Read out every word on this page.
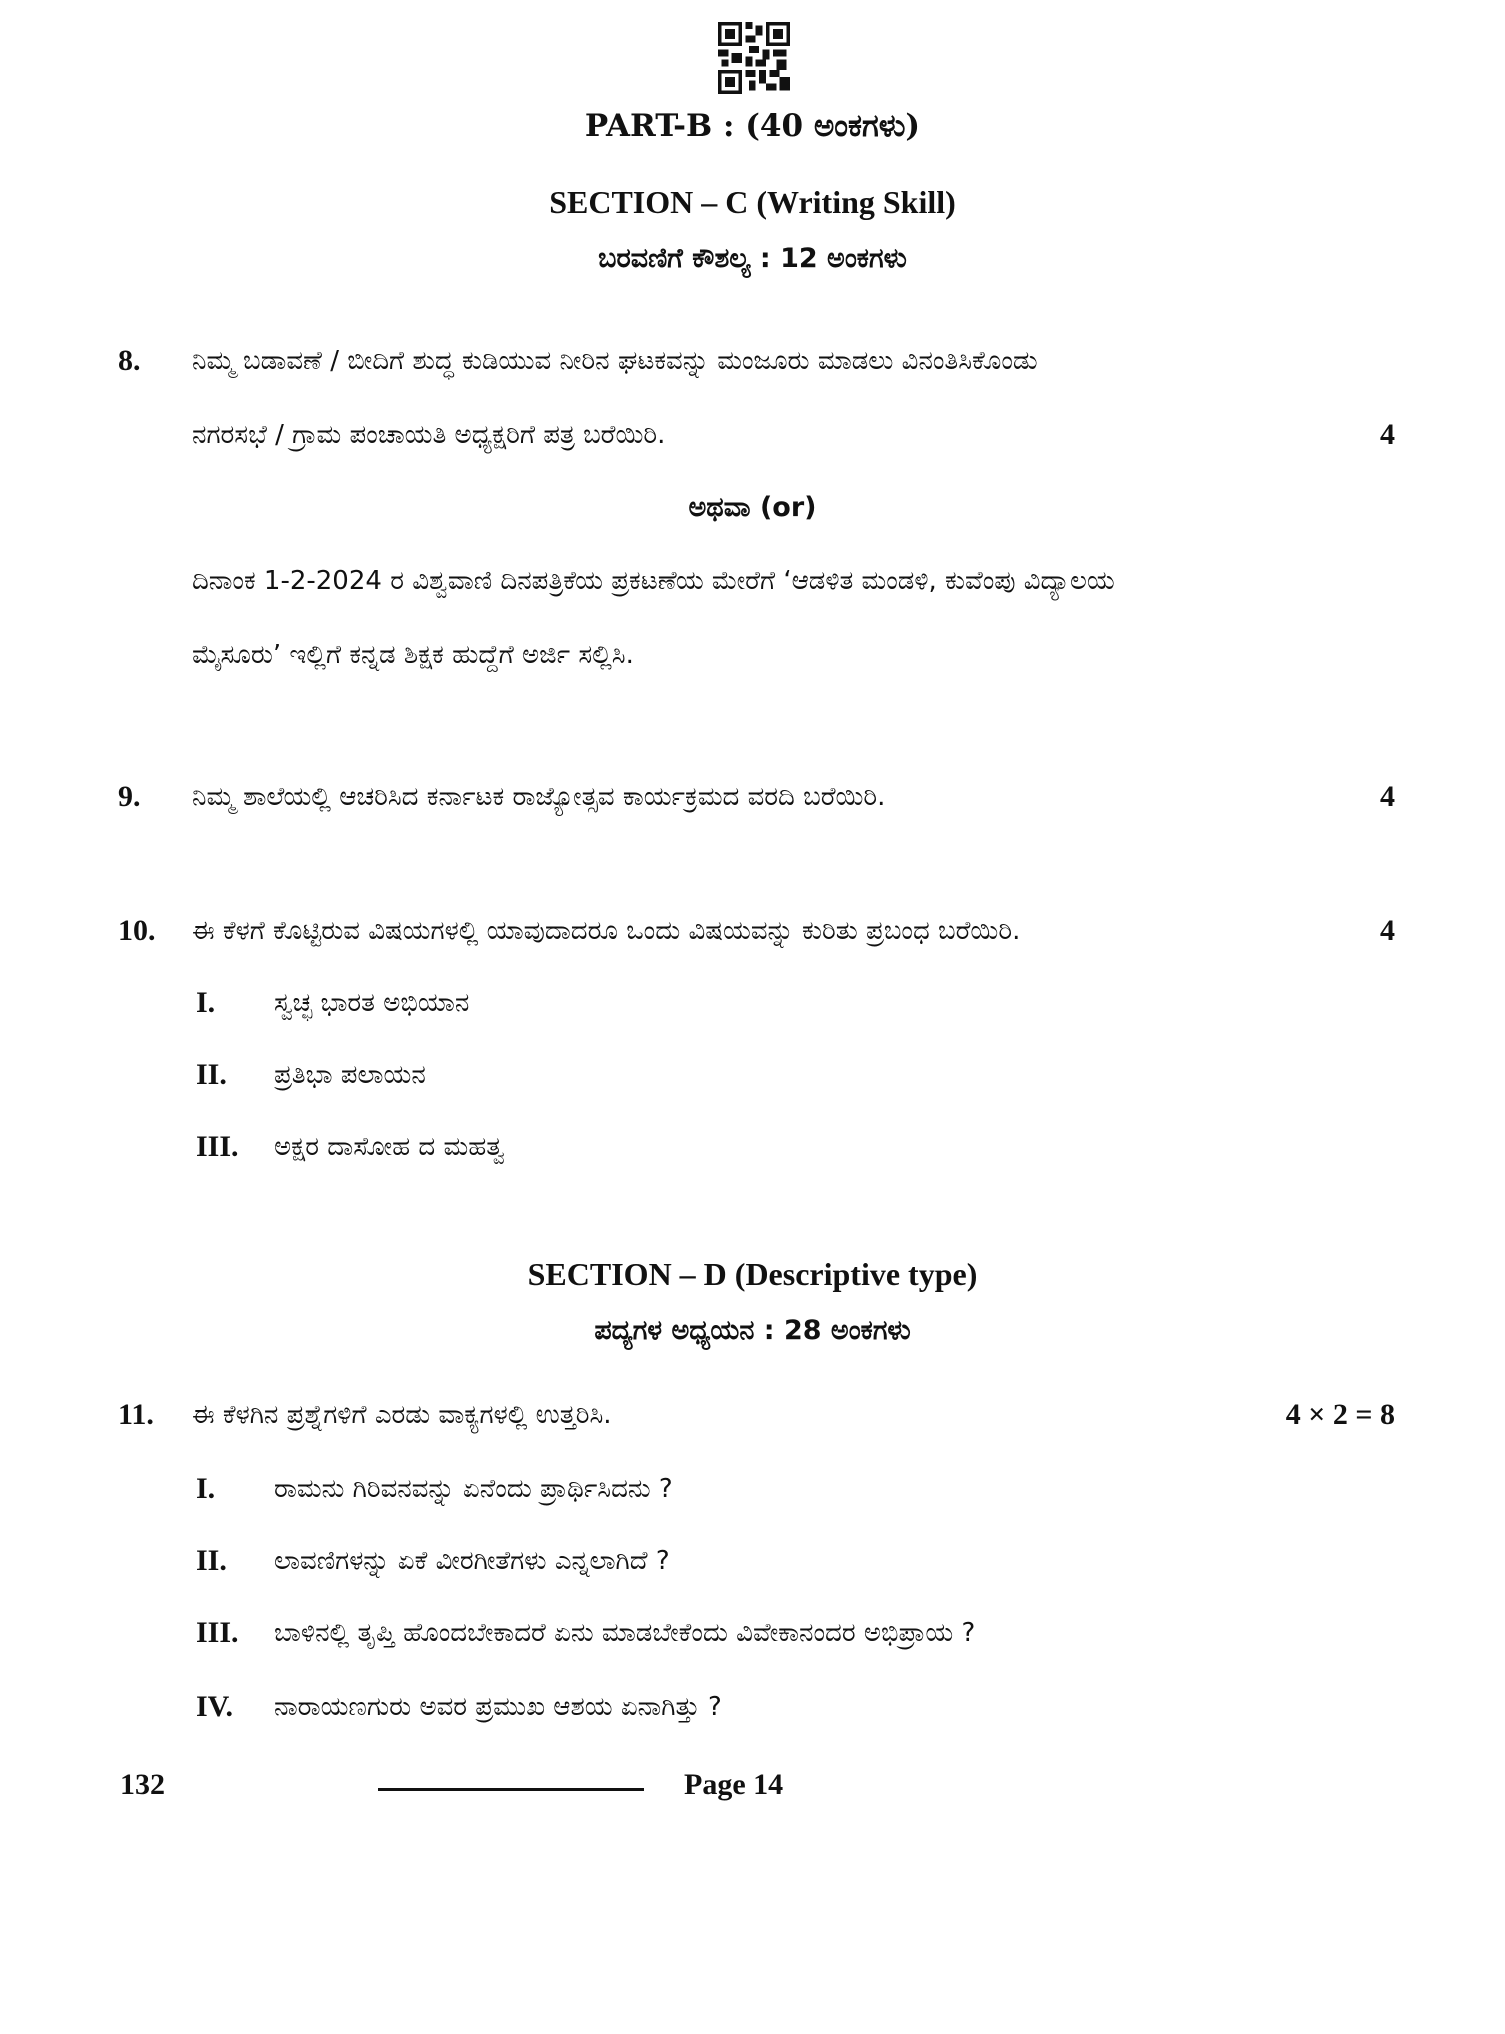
PART-B : (40 ಅಂಕಗಳು)
SECTION – C (Writing Skill)
ಬರವಣಿಗೆ ಕೌಶಲ್ಯ : 12 ಅಂಕಗಳು
8. ನಿಮ್ಮ ಬಡಾವಣೆ / ಬೀದಿಗೆ ಶುದ್ಧ ಕುಡಿಯುವ ನೀರಿನ ಘಟಕವನ್ನು ಮಂಜೂರು ಮಾಡಲು ವಿನಂತಿಸಿಕೊಂಡು
ನಗರಸಭೆ / ಗ್ರಾಮ ಪಂಚಾಯತಿ ಅಧ್ಯಕ್ಷರಿಗೆ ಪತ್ರ ಬರೆಯಿರಿ.	4
ಅಥವಾ (or)
ದಿನಾಂಕ 1-2-2024 ರ ವಿಶ್ವವಾಣಿ ದಿನಪತ್ರಿಕೆಯ ಪ್ರಕಟಣೆಯ ಮೇರೆಗೆ ‘ಆಡಳಿತ ಮಂಡಳಿ, ಕುವೆಂಪು ವಿದ್ಯಾಲಯ
ಮೈಸೂರು’ ಇಲ್ಲಿಗೆ ಕನ್ನಡ ಶಿಕ್ಷಕ ಹುದ್ದೆಗೆ ಅರ್ಜಿ ಸಲ್ಲಿಸಿ.
9. ನಿಮ್ಮ ಶಾಲೆಯಲ್ಲಿ ಆಚರಿಸಿದ ಕರ್ನಾಟಕ ರಾಜ್ಯೋತ್ಸವ ಕಾರ್ಯಕ್ರಮದ ವರದಿ ಬರೆಯಿರಿ.	4
10. ಈ ಕೆಳಗೆ ಕೊಟ್ಟಿರುವ ವಿಷಯಗಳಲ್ಲಿ ಯಾವುದಾದರೂ ಒಂದು ವಿಷಯವನ್ನು ಕುರಿತು ಪ್ರಬಂಧ ಬರೆಯಿರಿ.	4
I. ಸ್ವಚ್ಛ ಭಾರತ ಅಭಿಯಾನ
II. ಪ್ರತಿಭಾ ಪಲಾಯನ
III. ಅಕ್ಷರ ದಾಸೋಹ ದ ಮಹತ್ವ
SECTION – D (Descriptive type)
ಪದ್ಯಗಳ ಅಧ್ಯಯನ : 28 ಅಂಕಗಳು
11. ಈ ಕೆಳಗಿನ ಪ್ರಶ್ನೆಗಳಿಗೆ ಎರಡು ವಾಕ್ಯಗಳಲ್ಲಿ ಉತ್ತರಿಸಿ.	4 × 2 = 8
I. ರಾಮನು ಗಿರಿವನವನ್ನು ಏನೆಂದು ಪ್ರಾರ್ಥಿಸಿದನು ?
II. ಲಾವಣಿಗಳನ್ನು ಏಕೆ ವೀರಗೀತೆಗಳು ಎನ್ನಲಾಗಿದೆ ?
III. ಬಾಳಿನಲ್ಲಿ ತೃಪ್ತಿ ಹೊಂದಬೇಕಾದರೆ ಏನು ಮಾಡಬೇಕೆಂದು ವಿವೇಕಾನಂದರ ಅಭಿಪ್ರಾಯ ?
IV. ನಾರಾಯಣಗುರು ಅವರ ಪ್ರಮುಖ ಆಶಯ ಏನಾಗಿತ್ತು ?
132	Page 14
